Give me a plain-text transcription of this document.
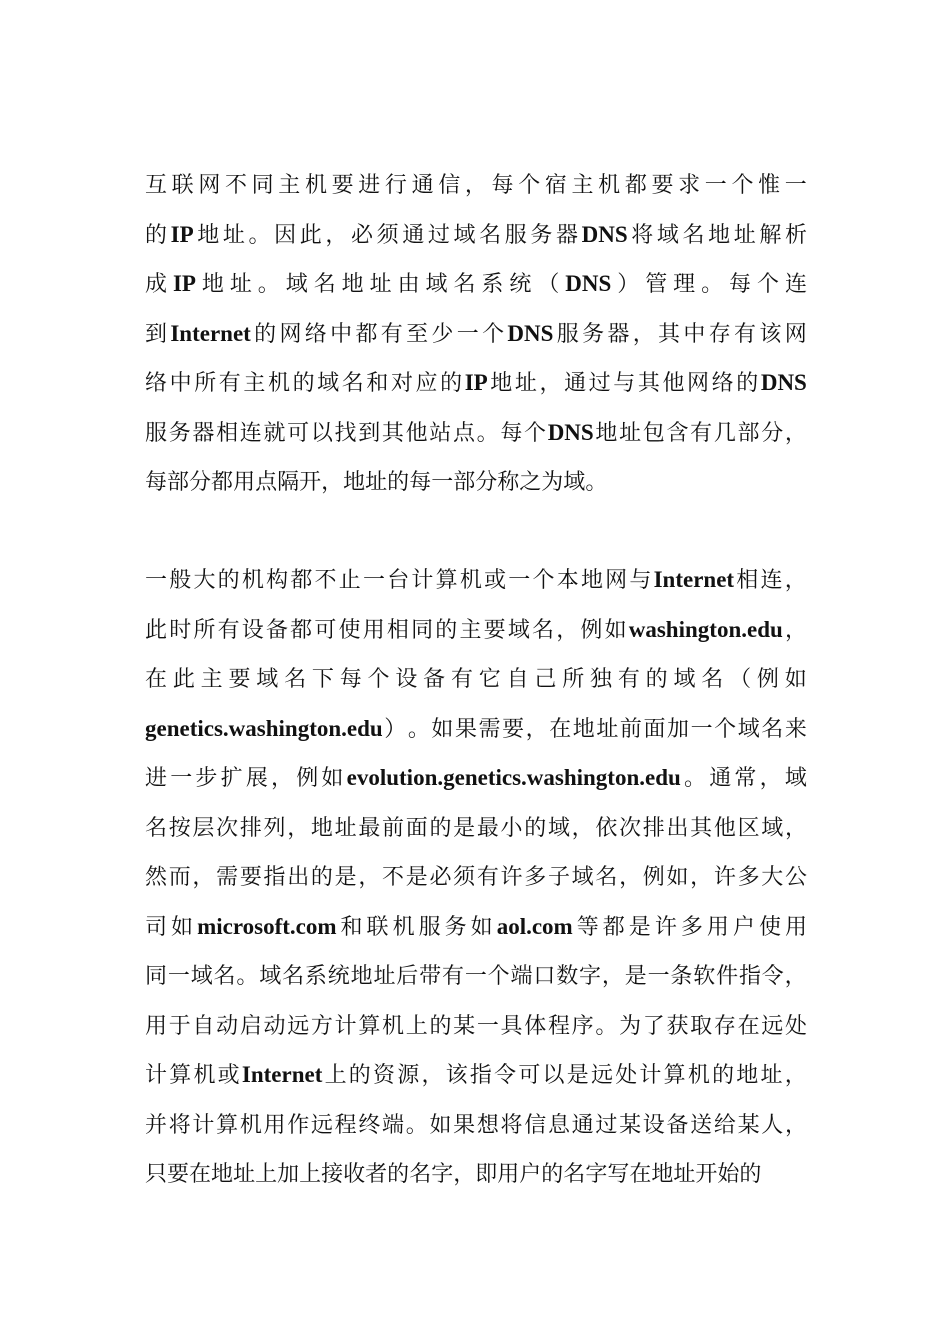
互 联 网 不 同 主 机 要 进 行 通 信 ， 每 个 宿 主 机 都 要 求 一 个 惟 一
的 IP 地 址 。 因 此 ， 必 须 通 过 域 名 服 务 器 DNS 将 域 名 地 址 解 析
成 IP 地 址 。 域 名 地 址 由 域 名 系 统 （ DNS ） 管 理 。 每 个 连
到 Internet 的 网 络 中 都 有 至 少 一 个 DNS 服 务 器 ， 其 中 存 有 该 网
络 中 所 有 主 机 的 域 名 和 对 应 的 IP 地 址 ， 通 过 与 其 他 网 络 的 DNS
服 务 器 相 连 就 可 以 找 到 其 他 站 点 。 每 个 DNS 地 址 包 含 有 几 部 分 ，
每 部 分 都 用 点 隔 开 ， 地 址 的 每 一 部 分 称 之 为 域 。
一 般 大 的 机 构 都 不 止 一 台 计 算 机 或 一 个 本 地 网 与 Internet 相 连 ，
此 时 所 有 设 备 都 可 使 用 相 同 的 主 要 域 名 ， 例 如 washington.edu ，
在 此 主 要 域 名 下 每 个 设 备 有 它 自 己 所 独 有 的 域 名 （ 例 如
genetics.washington.edu ） 。 如 果 需 要 ， 在 地 址 前 面 加 一 个 域 名 来
进 一 步 扩 展 ， 例 如 evolution.genetics.washington.edu 。 通 常 ， 域
名 按 层 次 排 列 ， 地 址 最 前 面 的 是 最 小 的 域 ， 依 次 排 出 其 他 区 域 ，
然 而 ， 需 要 指 出 的 是 ， 不 是 必 须 有 许 多 子 域 名 ， 例 如 ， 许 多 大 公
司 如 microsoft.com 和 联 机 服 务 如 aol.com 等 都 是 许 多 用 户 使 用
同 一 域 名 。 域 名 系 统 地 址 后 带 有 一 个 端 口 数 字 ， 是 一 条 软 件 指 令 ，
用 于 自 动 启 动 远 方 计 算 机 上 的 某 一 具 体 程 序 。 为 了 获 取 存 在 远 处
计 算 机 或 Internet 上 的 资 源 ， 该 指 令 可 以 是 远 处 计 算 机 的 地 址 ，
并 将 计 算 机 用 作 远 程 终 端 。 如 果 想 将 信 息 通 过 某 设 备 送 给 某 人 ，
只 要 在 地 址 上 加 上 接 收 者 的 名 字 ， 即 用 户 的 名 字 写 在 地 址 开 始 的
